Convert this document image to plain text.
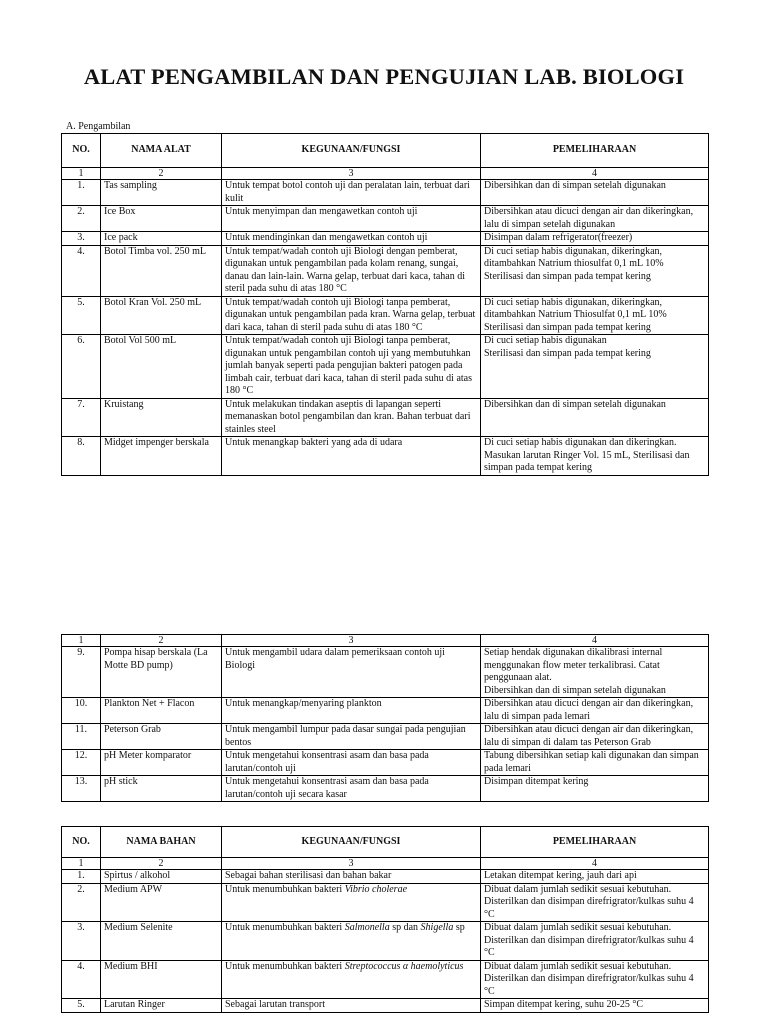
ALAT PENGAMBILAN DAN PENGUJIAN LAB. BIOLOGI
A. Pengambilan
NO.	NAMA ALAT	KEGUNAAN/FUNGSI	PEMELIHARAAN
1	2	3	4
1.	Tas sampling	Untuk tempat botol contoh uji dan peralatan lain, terbuat dari kulit	Dibersihkan dan di simpan setelah digunakan
2.	Ice Box	Untuk menyimpan dan mengawetkan contoh uji	Dibersihkan atau dicuci dengan air dan dikeringkan, lalu di simpan setelah digunakan
3.	Ice pack	Untuk mendinginkan dan mengawetkan contoh uji	Disimpan dalam refrigerator(freezer)
4.	Botol Timba vol. 250 mL	Untuk tempat/wadah contoh uji Biologi dengan pemberat, digunakan untuk pengambilan pada kolam renang, sungai, danau dan lain-lain. Warna gelap, terbuat dari kaca, tahan di steril pada suhu di atas 180 °C	Di cuci setiap habis digunakan, dikeringkan, ditambahkan Natrium thiosulfat 0,1 mL 10% Sterilisasi dan simpan pada tempat kering
5.	Botol Kran Vol. 250 mL	Untuk tempat/wadah contoh uji Biologi tanpa pemberat, digunakan untuk pengambilan pada kran. Warna gelap, terbuat dari kaca, tahan di steril pada suhu di atas 180 °C	Di cuci setiap habis digunakan, dikeringkan, ditambahkan Natrium Thiosulfat 0,1 mL 10% Sterilisasi dan simpan pada tempat kering
6.	Botol Vol 500 mL	Untuk tempat/wadah contoh uji Biologi tanpa pemberat, digunakan untuk pengambilan contoh uji yang membutuhkan jumlah banyak seperti pada pengujian bakteri patogen pada limbah cair, terbuat dari kaca, tahan di steril pada suhu di atas 180 °C	Di cuci setiap habis digunakan
Sterilisasi dan simpan pada tempat kering
7.	Kruistang	Untuk melakukan tindakan aseptis di lapangan seperti memanaskan botol pengambilan dan kran. Bahan terbuat dari stainles steel	Dibersihkan dan di simpan setelah digunakan
8.	Midget impenger berskala	Untuk menangkap bakteri yang ada di udara	Di cuci setiap habis digunakan dan dikeringkan. Masukan larutan Ringer Vol. 15 mL, Sterilisasi dan simpan pada tempat kering
1	2	3	4
9.	Pompa hisap berskala (La Motte BD pump)	Untuk mengambil udara dalam pemeriksaan contoh uji Biologi	Setiap hendak digunakan dikalibrasi internal menggunakan flow meter terkalibrasi. Catat penggunaan alat.
Dibersihkan dan di simpan setelah digunakan
10.	Plankton Net + Flacon	Untuk menangkap/menyaring plankton	Dibersihkan atau dicuci dengan air dan dikeringkan, lalu di simpan pada lemari
11.	Peterson Grab	Untuk mengambil lumpur pada dasar sungai pada pengujian bentos	Dibersihkan atau dicuci dengan air dan dikeringkan, lalu di simpan di dalam tas Peterson Grab
12.	pH Meter komparator	Untuk mengetahui konsentrasi asam dan basa pada larutan/contoh uji	Tabung dibersihkan setiap kali digunakan dan simpan pada lemari
13.	pH stick	Untuk mengetahui konsentrasi asam dan basa pada larutan/contoh uji secara kasar	Disimpan ditempat kering
NO.	NAMA BAHAN	KEGUNAAN/FUNGSI	PEMELIHARAAN
1	2	3	4
1.	Spirtus / alkohol	Sebagai bahan sterilisasi dan bahan bakar	Letakan ditempat kering, jauh dari api
2.	Medium APW	Untuk menumbuhkan bakteri Vibrio cholerae	Dibuat dalam jumlah sedikit sesuai kebutuhan. Disterilkan dan disimpan direfrigrator/kulkas suhu 4 °C
3.	Medium Selenite	Untuk menumbuhkan bakteri Salmonella sp dan Shigella sp	Dibuat dalam jumlah sedikit sesuai kebutuhan. Disterilkan dan disimpan direfrigrator/kulkas suhu 4 °C
4.	Medium BHI	Untuk menumbuhkan bakteri Streptococcus α haemolyticus	Dibuat dalam jumlah sedikit sesuai kebutuhan. Disterilkan dan disimpan direfrigrator/kulkas suhu 4 °C
5.	Larutan Ringer	Sebagai larutan transport	Simpan ditempat kering, suhu 20-25 °C
